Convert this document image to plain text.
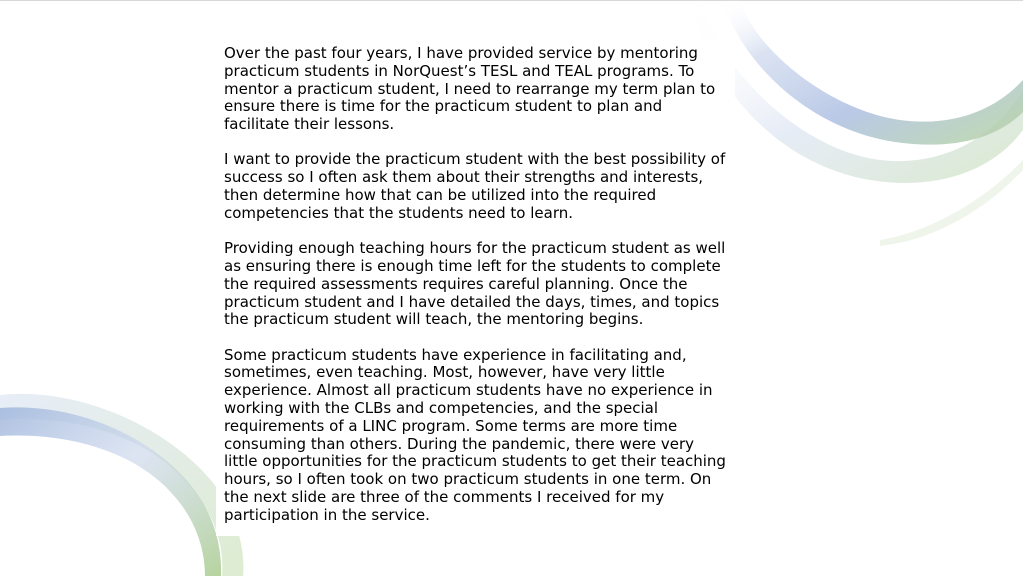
Over the past four years, I have provided service by mentoring
practicum students in NorQuest’s TESL and TEAL programs. To
mentor a practicum student, I need to rearrange my term plan to
ensure there is time for the practicum student to plan and
facilitate their lessons.

I want to provide the practicum student with the best possibility of
success so I often ask them about their strengths and interests,
then determine how that can be utilized into the required
competencies that the students need to learn.

Providing enough teaching hours for the practicum student as well
as ensuring there is enough time left for the students to complete
the required assessments requires careful planning. Once the
practicum student and I have detailed the days, times, and topics
the practicum student will teach, the mentoring begins.

Some practicum students have experience in facilitating and,
sometimes, even teaching. Most, however, have very little
experience. Almost all practicum students have no experience in
working with the CLBs and competencies, and the special
requirements of a LINC program. Some terms are more time
consuming than others. During the pandemic, there were very
little opportunities for the practicum students to get their teaching
hours, so I often took on two practicum students in one term. On
the next slide are three of the comments I received for my
participation in the service.
